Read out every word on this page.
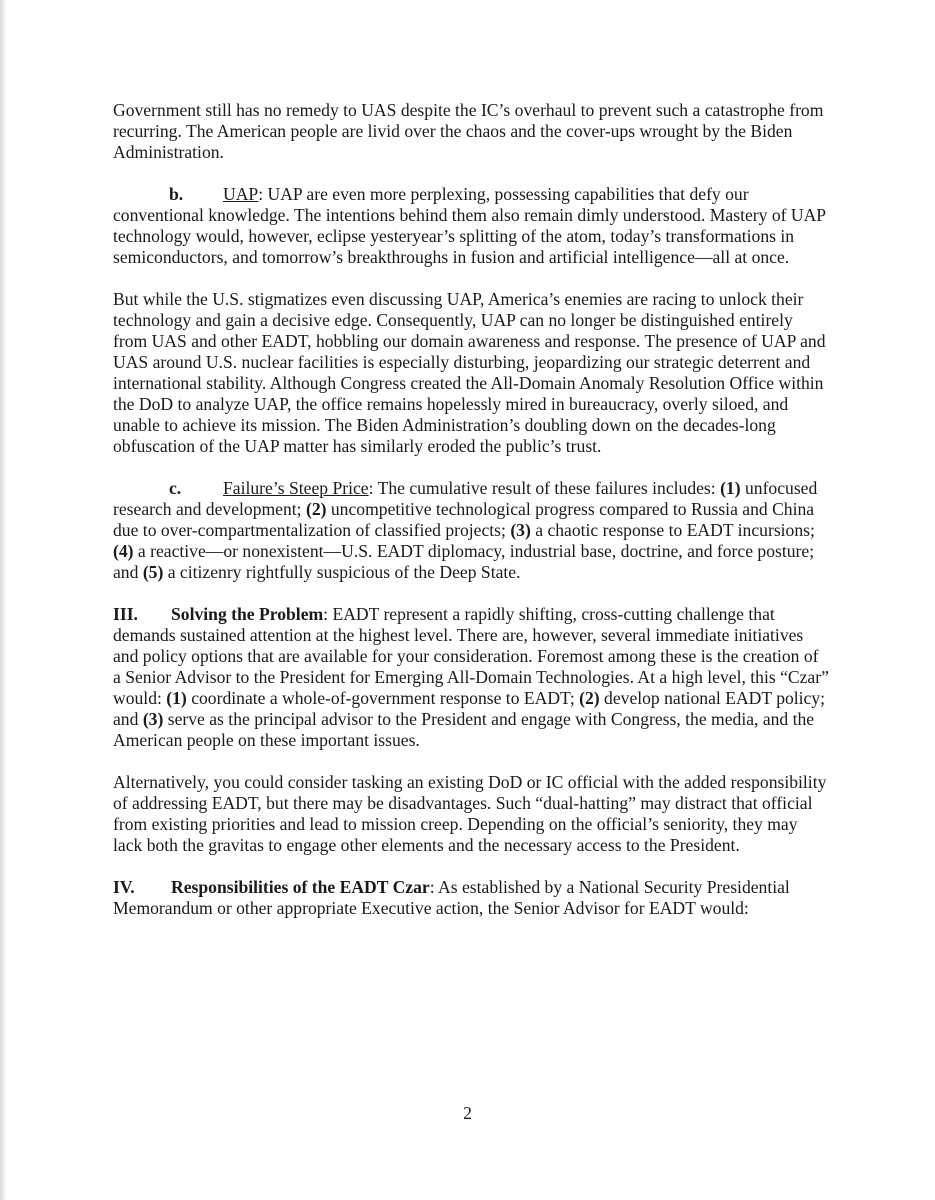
Government still has no remedy to UAS despite the IC’s overhaul to prevent such a catastrophe from recurring. The American people are livid over the chaos and the cover-ups wrought by the Biden Administration.

b. UAP: UAP are even more perplexing, possessing capabilities that defy our conventional knowledge. The intentions behind them also remain dimly understood. Mastery of UAP technology would, however, eclipse yesteryear’s splitting of the atom, today’s transformations in semiconductors, and tomorrow’s breakthroughs in fusion and artificial intelligence—all at once.

But while the U.S. stigmatizes even discussing UAP, America’s enemies are racing to unlock their technology and gain a decisive edge. Consequently, UAP can no longer be distinguished entirely from UAS and other EADT, hobbling our domain awareness and response. The presence of UAP and UAS around U.S. nuclear facilities is especially disturbing, jeopardizing our strategic deterrent and international stability. Although Congress created the All-Domain Anomaly Resolution Office within the DoD to analyze UAP, the office remains hopelessly mired in bureaucracy, overly siloed, and unable to achieve its mission. The Biden Administration’s doubling down on the decades-long obfuscation of the UAP matter has similarly eroded the public’s trust.

c. Failure’s Steep Price: The cumulative result of these failures includes: (1) unfocused research and development; (2) uncompetitive technological progress compared to Russia and China due to over-compartmentalization of classified projects; (3) a chaotic response to EADT incursions; (4) a reactive—or nonexistent—U.S. EADT diplomacy, industrial base, doctrine, and force posture; and (5) a citizenry rightfully suspicious of the Deep State.

III. Solving the Problem: EADT represent a rapidly shifting, cross-cutting challenge that demands sustained attention at the highest level. There are, however, several immediate initiatives and policy options that are available for your consideration. Foremost among these is the creation of a Senior Advisor to the President for Emerging All-Domain Technologies. At a high level, this “Czar” would: (1) coordinate a whole-of-government response to EADT; (2) develop national EADT policy; and (3) serve as the principal advisor to the President and engage with Congress, the media, and the American people on these important issues.

Alternatively, you could consider tasking an existing DoD or IC official with the added responsibility of addressing EADT, but there may be disadvantages. Such “dual-hatting” may distract that official from existing priorities and lead to mission creep. Depending on the official’s seniority, they may lack both the gravitas to engage other elements and the necessary access to the President.

IV. Responsibilities of the EADT Czar: As established by a National Security Presidential Memorandum or other appropriate Executive action, the Senior Advisor for EADT would:

2
